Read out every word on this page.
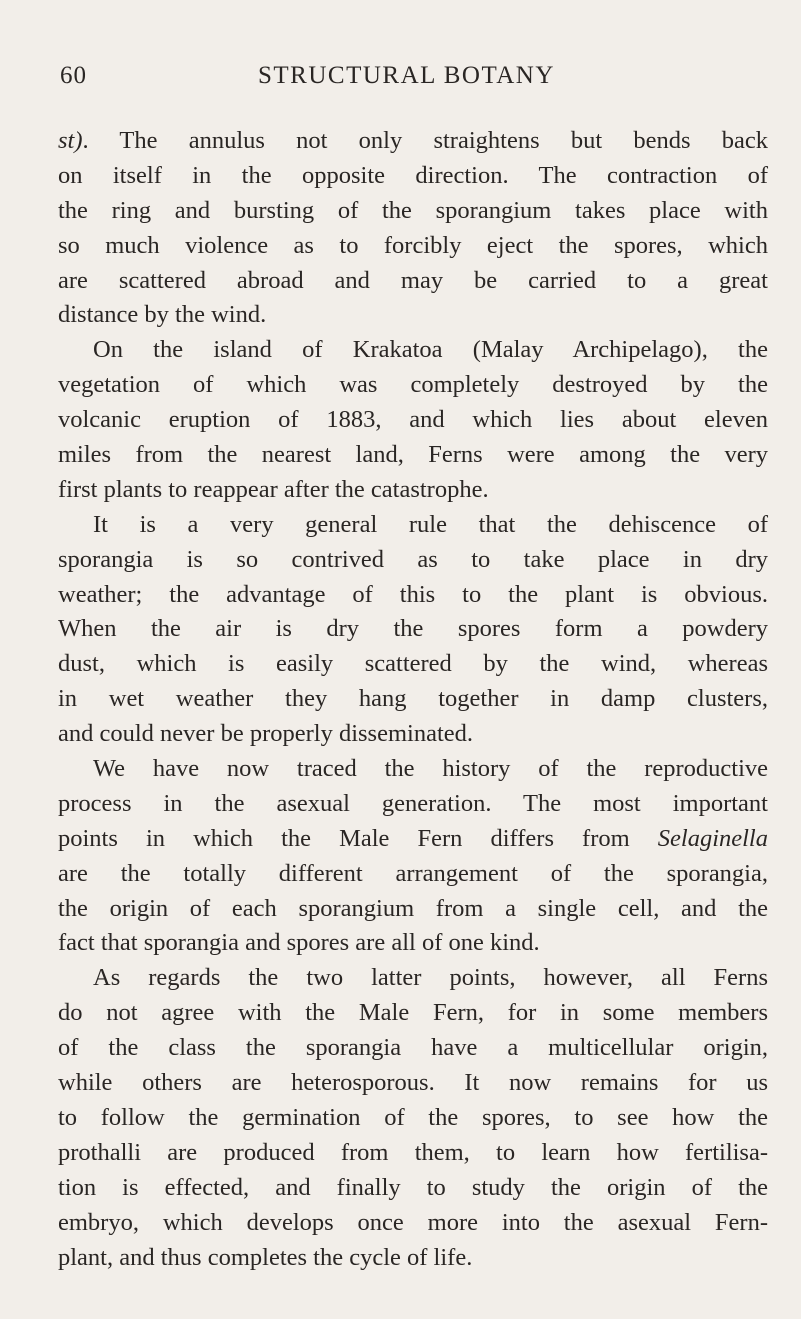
60	STRUCTURAL BOTANY
st). The annulus not only straightens but bends back
on itself in the opposite direction. The contraction of
the ring and bursting of the sporangium takes place with
so much violence as to forcibly eject the spores, which
are scattered abroad and may be carried to a great
distance by the wind.
On the island of Krakatoa (Malay Archipelago), the
vegetation of which was completely destroyed by the
volcanic eruption of 1883, and which lies about eleven
miles from the nearest land, Ferns were among the very
first plants to reappear after the catastrophe.
It is a very general rule that the dehiscence of
sporangia is so contrived as to take place in dry
weather; the advantage of this to the plant is obvious.
When the air is dry the spores form a powdery
dust, which is easily scattered by the wind, whereas
in wet weather they hang together in damp clusters,
and could never be properly disseminated.
We have now traced the history of the reproductive
process in the asexual generation. The most important
points in which the Male Fern differs from Selaginella
are the totally different arrangement of the sporangia,
the origin of each sporangium from a single cell, and the
fact that sporangia and spores are all of one kind.
As regards the two latter points, however, all Ferns
do not agree with the Male Fern, for in some members
of the class the sporangia have a multicellular origin,
while others are heterosporous. It now remains for us
to follow the germination of the spores, to see how the
prothalli are produced from them, to learn how fertilisa-
tion is effected, and finally to study the origin of the
embryo, which develops once more into the asexual Fern-
plant, and thus completes the cycle of life.
